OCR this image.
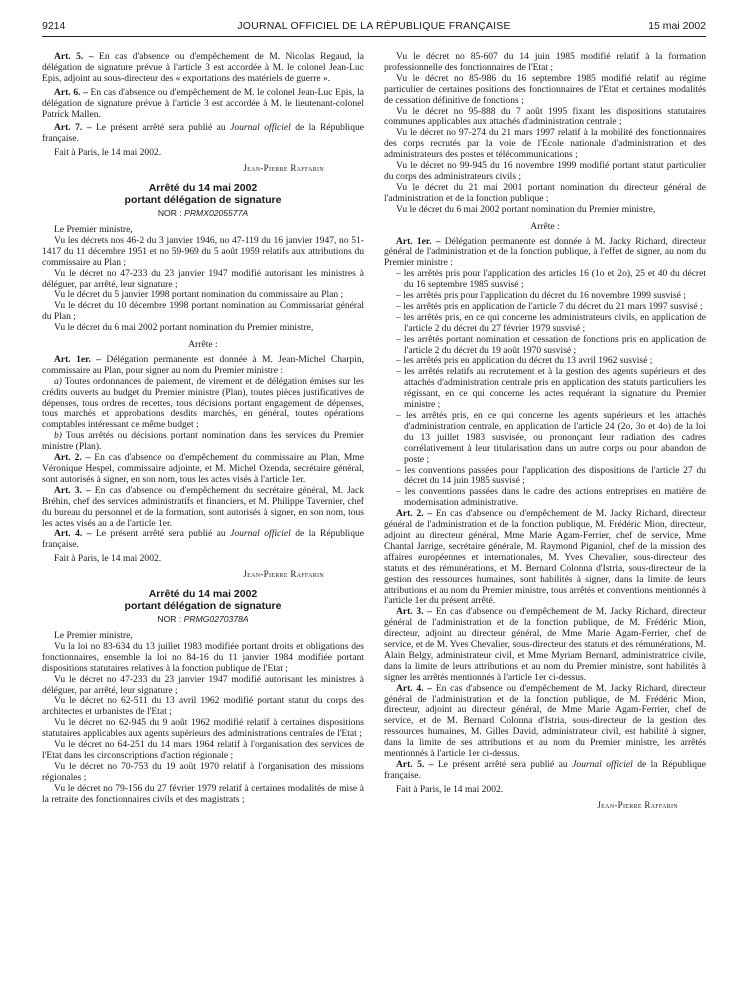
9214	JOURNAL OFFICIEL DE LA RÉPUBLIQUE FRANÇAISE	15 mai 2002

Art. 5. – En cas d'absence ou d'empêchement de M. Nicolas Regaud, la délégation de signature prévue à l'article 3 est accordée à M. le colonel Jean-Luc Epis, adjoint au sous-directeur des « exportations des matériels de guerre ».

Art. 6. – En cas d'absence ou d'empêchement de M. le colonel Jean-Luc Epis, la délégation de signature prévue à l'article 3 est accordée à M. le lieutenant-colonel Patrick Mallen.

Art. 7. – Le présent arrêté sera publié au Journal officiel de la République française.

Fait à Paris, le 14 mai 2002.

Jean-Pierre Raffarin
Arrêté du 14 mai 2002
portant délégation de signature
NOR : PRMX0205577A

Le Premier ministre,

Vu les décrets nos 46-2 du 3 janvier 1946, no 47-119 du 16 janvier 1947, no 51-1417 du 11 décembre 1951 et no 59-969 du 5 août 1959 relatifs aux attributions du commissaire au Plan ;

Vu le décret no 47-233 du 23 janvier 1947 modifié autorisant les ministres à déléguer, par arrêté, leur signature ;

Vu le décret du 5 janvier 1998 portant nomination du commissaire au Plan ;

Vu le décret du 10 décembre 1998 portant nomination au Commissariat général du Plan ;

Vu le décret du 6 mai 2002 portant nomination du Premier ministre,

Arrête :

Art. 1er. – Délégation permanente est donnée à M. Jean-Michel Charpin, commissaire au Plan, pour signer au nom du Premier ministre :

a) Toutes ordonnances de paiement, de virement et de délégation émises sur les crédits ouverts au budget du Premier ministre (Plan), toutes pièces justificatives de dépenses, tous ordres de recettes, tous décisions portant engagement de dépenses, tous marchés et approbations desdits marchés, en général, toutes opérations comptables intéressant ce même budget ;

b) Tous arrêtés ou décisions portant nomination dans les services du Premier ministre (Plan).

Art. 2. – En cas d'absence ou d'empêchement du commissaire au Plan, Mme Véronique Hespel, commissaire adjointe, et M. Michel Ozenda, secrétaire général, sont autorisés à signer, en son nom, tous les actes visés à l'article 1er.

Art. 3. – En cas d'absence ou d'empêchement du secrétaire général, M. Jack Bréhin, chef des services administratifs et financiers, et M. Philippe Tavernier, chef du bureau du personnel et de la formation, sont autorisés à signer, en son nom, tous les actes visés au a de l'article 1er.

Art. 4. – Le présent arrêté sera publié au Journal officiel de la République française.

Fait à Paris, le 14 mai 2002.

Jean-Pierre Raffarin
Arrêté du 14 mai 2002
portant délégation de signature
NOR : PRMG0270378A

Le Premier ministre,

Vu la loi no 83-634 du 13 juillet 1983 modifiée portant droits et obligations des fonctionnaires, ensemble la loi no 84-16 du 11 janvier 1984 modifiée portant dispositions statutaires relatives à la fonction publique de l'Etat ;

Vu le décret no 47-233 du 23 janvier 1947 modifié autorisant les ministres à déléguer, par arrêté, leur signature ;

Vu le décret no 62-511 du 13 avril 1962 modifié portant statut du corps des architectes et urbanistes de l'Etat ;

Vu le décret no 62-945 du 9 août 1962 modifié relatif à certaines dispositions statutaires applicables aux agents supérieurs des administrations centrales de l'Etat ;

Vu le décret no 64-251 du 14 mars 1964 relatif à l'organisation des services de l'Etat dans les circonscriptions d'action régionale ;

Vu le décret no 70-753 du 19 août 1970 relatif à l'organisation des missions régionales ;

Vu le décret no 79-156 du 27 février 1979 relatif à certaines modalités de mise à la retraite des fonctionnaires civils et des magistrats ;

Vu le décret no 85-607 du 14 juin 1985 modifié relatif à la formation professionnelle des fonctionnaires de l'Etat ;

Vu le décret no 85-986 du 16 septembre 1985 modifié relatif au régime particulier de certaines positions des fonctionnaires de l'Etat et certaines modalités de cessation définitive de fonctions ;

Vu le décret no 95-888 du 7 août 1995 fixant les dispositions statutaires communes applicables aux attachés d'administration centrale ;

Vu le décret no 97-274 du 21 mars 1997 relatif à la mobilité des fonctionnaires des corps recrutés par la voie de l'Ecole nationale d'administration et des administrateurs des postes et télécommunications ;

Vu le décret no 99-945 du 16 novembre 1999 modifié portant statut particulier du corps des administrateurs civils ;

Vu le décret du 21 mai 2001 portant nomination du directeur général de l'administration et de la fonction publique ;

Vu le décret du 6 mai 2002 portant nomination du Premier ministre,

Arrête :

Art. 1er. – Délégation permanente est donnée à M. Jacky Richard, directeur général de l'administration et de la fonction publique, à l'effet de signer, au nom du Premier ministre :

– les arrêtés pris pour l'application des articles 16 (1o et 2o), 25 et 40 du décret du 16 septembre 1985 susvisé ;

– les arrêtés pris pour l'application du décret du 16 novembre 1999 susvisé ;

– les arrêtés pris en application de l'article 7 du décret du 21 mars 1997 susvisé ;

– les arrêtés pris, en ce qui concerne les administrateurs civils, en application de l'article 2 du décret du 27 février 1979 susvisé ;

– les arrêtés portant nomination et cessation de fonctions pris en application de l'article 2 du décret du 19 août 1970 susvisé ;

– les arrêtés pris en application du décret du 13 avril 1962 susvisé ;

– les arrêtés relatifs au recrutement et à la gestion des agents supérieurs et des attachés d'administration centrale pris en application des statuts particuliers les régissant, en ce qui concerne les actes requérant la signature du Premier ministre ;

– les arrêtés pris, en ce qui concerne les agents supérieurs et les attachés d'administration centrale, en application de l'article 24 (2o, 3o et 4o) de la loi du 13 juillet 1983 susvisée, ou prononçant leur radiation des cadres corrélativement à leur titularisation dans un autre corps ou pour abandon de poste ;

– les conventions passées pour l'application des dispositions de l'article 27 du décret du 14 juin 1985 susvisé ;

– les conventions passées dans le cadre des actions entreprises en matière de modernisation administrative.

Art. 2. – En cas d'absence ou d'empêchement de M. Jacky Richard, directeur général de l'administration et de la fonction publique, M. Frédéric Mion, directeur, adjoint au directeur général, Mme Marie Agam-Ferrier, chef de service, Mme Chantal Jarrige, secrétaire générale, M. Raymond Piganiol, chef de la mission des affaires européennes et internationales, M. Yves Chevalier, sous-directeur des statuts et des rémunérations, et M. Bernard Colonna d'Istria, sous-directeur de la gestion des ressources humaines, sont habilités à signer, dans la limite de leurs attributions et au nom du Premier ministre, tous arrêtés et conventions mentionnés à l'article 1er du présent arrêté.

Art. 3. – En cas d'absence ou d'empêchement de M. Jacky Richard, directeur général de l'administration et de la fonction publique, de M. Frédéric Mion, directeur, adjoint au directeur général, de Mme Marie Agam-Ferrier, chef de service, et de M. Yves Chevalier, sous-directeur des statuts et des rémunérations, M. Alain Belgy, administrateur civil, et Mme Myriam Bernard, administratrice civile, dans la limite de leurs attributions et au nom du Premier ministre, sont habilités à signer les arrêtés mentionnés à l'article 1er ci-dessus.

Art. 4. – En cas d'absence ou d'empêchement de M. Jacky Richard, directeur général de l'administration et de la fonction publique, de M. Frédéric Mion, directeur, adjoint au directeur général, de Mme Marie Agam-Ferrier, chef de service, et de M. Bernard Colonna d'Istria, sous-directeur de la gestion des ressources humaines, M. Gilles David, administrateur civil, est habilité à signer, dans la limite de ses attributions et au nom du Premier ministre, les arrêtés mentionnés à l'article 1er ci-dessus.

Art. 5. – Le présent arrêté sera publié au Journal officiel de la République française.

Fait à Paris, le 14 mai 2002.

Jean-Pierre Raffarin
